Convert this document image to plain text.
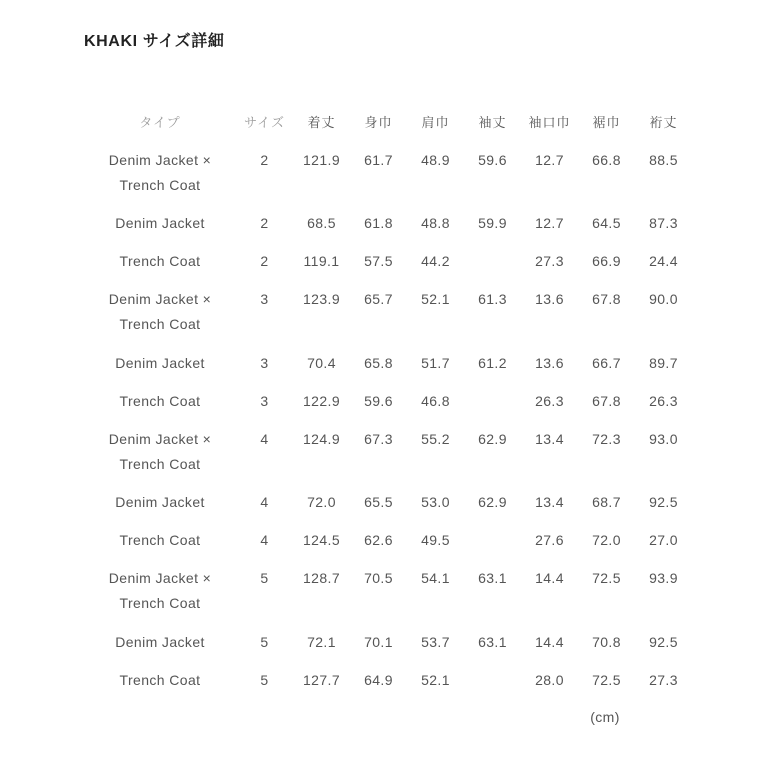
KHAKI サイズ詳細
タイプ	サイズ	着丈	身巾	肩巾	袖丈	袖口巾	裾巾	裄丈

Denim Jacket ×
Trench Coat	2	121.9	61.7	48.9	59.6	12.7	66.8	88.5

Denim Jacket	2	68.5	61.8	48.8	59.9	12.7	64.5	87.3

Trench Coat	2	119.1	57.5	44.2		27.3	66.9	24.4

Denim Jacket ×
Trench Coat	3	123.9	65.7	52.1	61.3	13.6	67.8	90.0

Denim Jacket	3	70.4	65.8	51.7	61.2	13.6	66.7	89.7

Trench Coat	3	122.9	59.6	46.8		26.3	67.8	26.3

Denim Jacket ×
Trench Coat	4	124.9	67.3	55.2	62.9	13.4	72.3	93.0

Denim Jacket	4	72.0	65.5	53.0	62.9	13.4	68.7	92.5

Trench Coat	4	124.5	62.6	49.5		27.6	72.0	27.0

Denim Jacket ×
Trench Coat	5	128.7	70.5	54.1	63.1	14.4	72.5	93.9

Denim Jacket	5	72.1	70.1	53.7	63.1	14.4	70.8	92.5

Trench Coat	5	127.7	64.9	52.1		28.0	72.5	27.3
(cm)
